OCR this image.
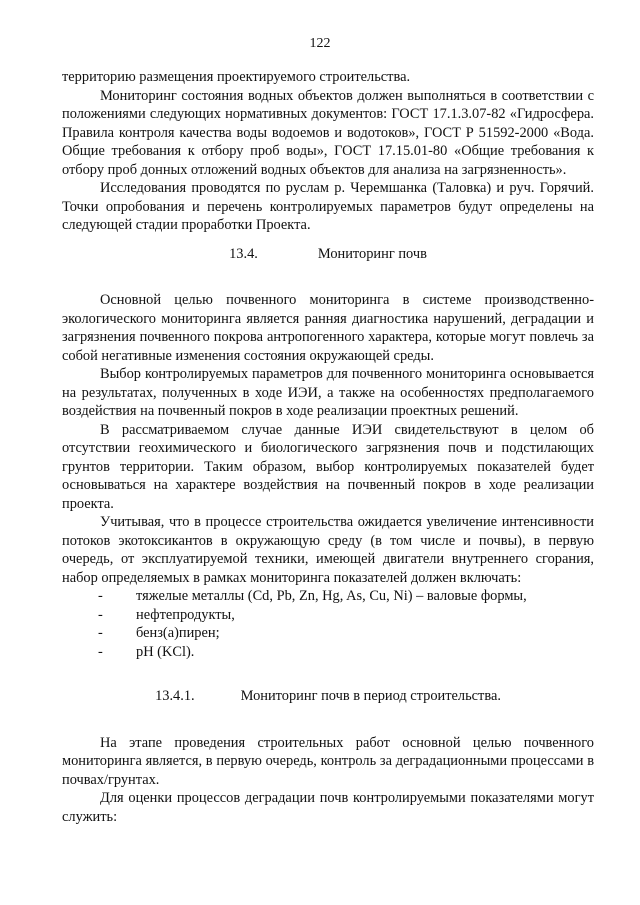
122

территорию размещения проектируемого строительства.

Мониторинг состояния водных объектов должен выполняться в соответствии с положениями следующих нормативных документов: ГОСТ 17.1.3.07-82 «Гидросфера. Правила контроля качества воды водоемов и водотоков», ГОСТ Р 51592-2000 «Вода. Общие требования к отбору проб воды», ГОСТ 17.15.01-80 «Общие требования к отбору проб донных отложений водных объектов для анализа на загрязненность».

Исследования проводятся по руслам р. Черемшанка (Таловка) и руч. Горячий. Точки опробования и перечень контролируемых параметров будут определены на следующей стадии проработки Проекта.

13.4.	Мониторинг почв

Основной целью почвенного мониторинга в системе производственно-экологического мониторинга является ранняя диагностика нарушений, деградации и загрязнения почвенного покрова антропогенного характера, которые могут повлечь за собой негативные изменения состояния окружающей среды.

Выбор контролируемых параметров для почвенного мониторинга основывается на результатах, полученных в ходе ИЭИ, а также на особенностях предполагаемого воздействия на почвенный покров в ходе реализации проектных решений.

В рассматриваемом случае данные ИЭИ свидетельствуют в целом об отсутствии геохимического и биологического загрязнения почв и подстилающих грунтов территории. Таким образом, выбор контролируемых показателей будет основываться на характере воздействия на почвенный покров в ходе реализации проекта.

Учитывая, что в процессе строительства ожидается увеличение интенсивности потоков экотоксикантов в окружающую среду (в том числе и почвы), в первую очередь, от эксплуатируемой техники, имеющей двигатели внутреннего сгорания, набор определяемых в рамках мониторинга показателей должен включать:

-	тяжелые металлы (Cd, Pb, Zn, Hg, As, Cu, Ni) – валовые формы,
-	нефтепродукты,
-	бенз(а)пирен;
-	pH (KCl).
13.4.1.	Мониторинг почв в период строительства.

На этапе проведения строительных работ основной целью почвенного мониторинга является, в первую очередь, контроль за деградационными процессами в почвах/грунтах.

Для оценки процессов деградации почв контролируемыми показателями могут служить:
